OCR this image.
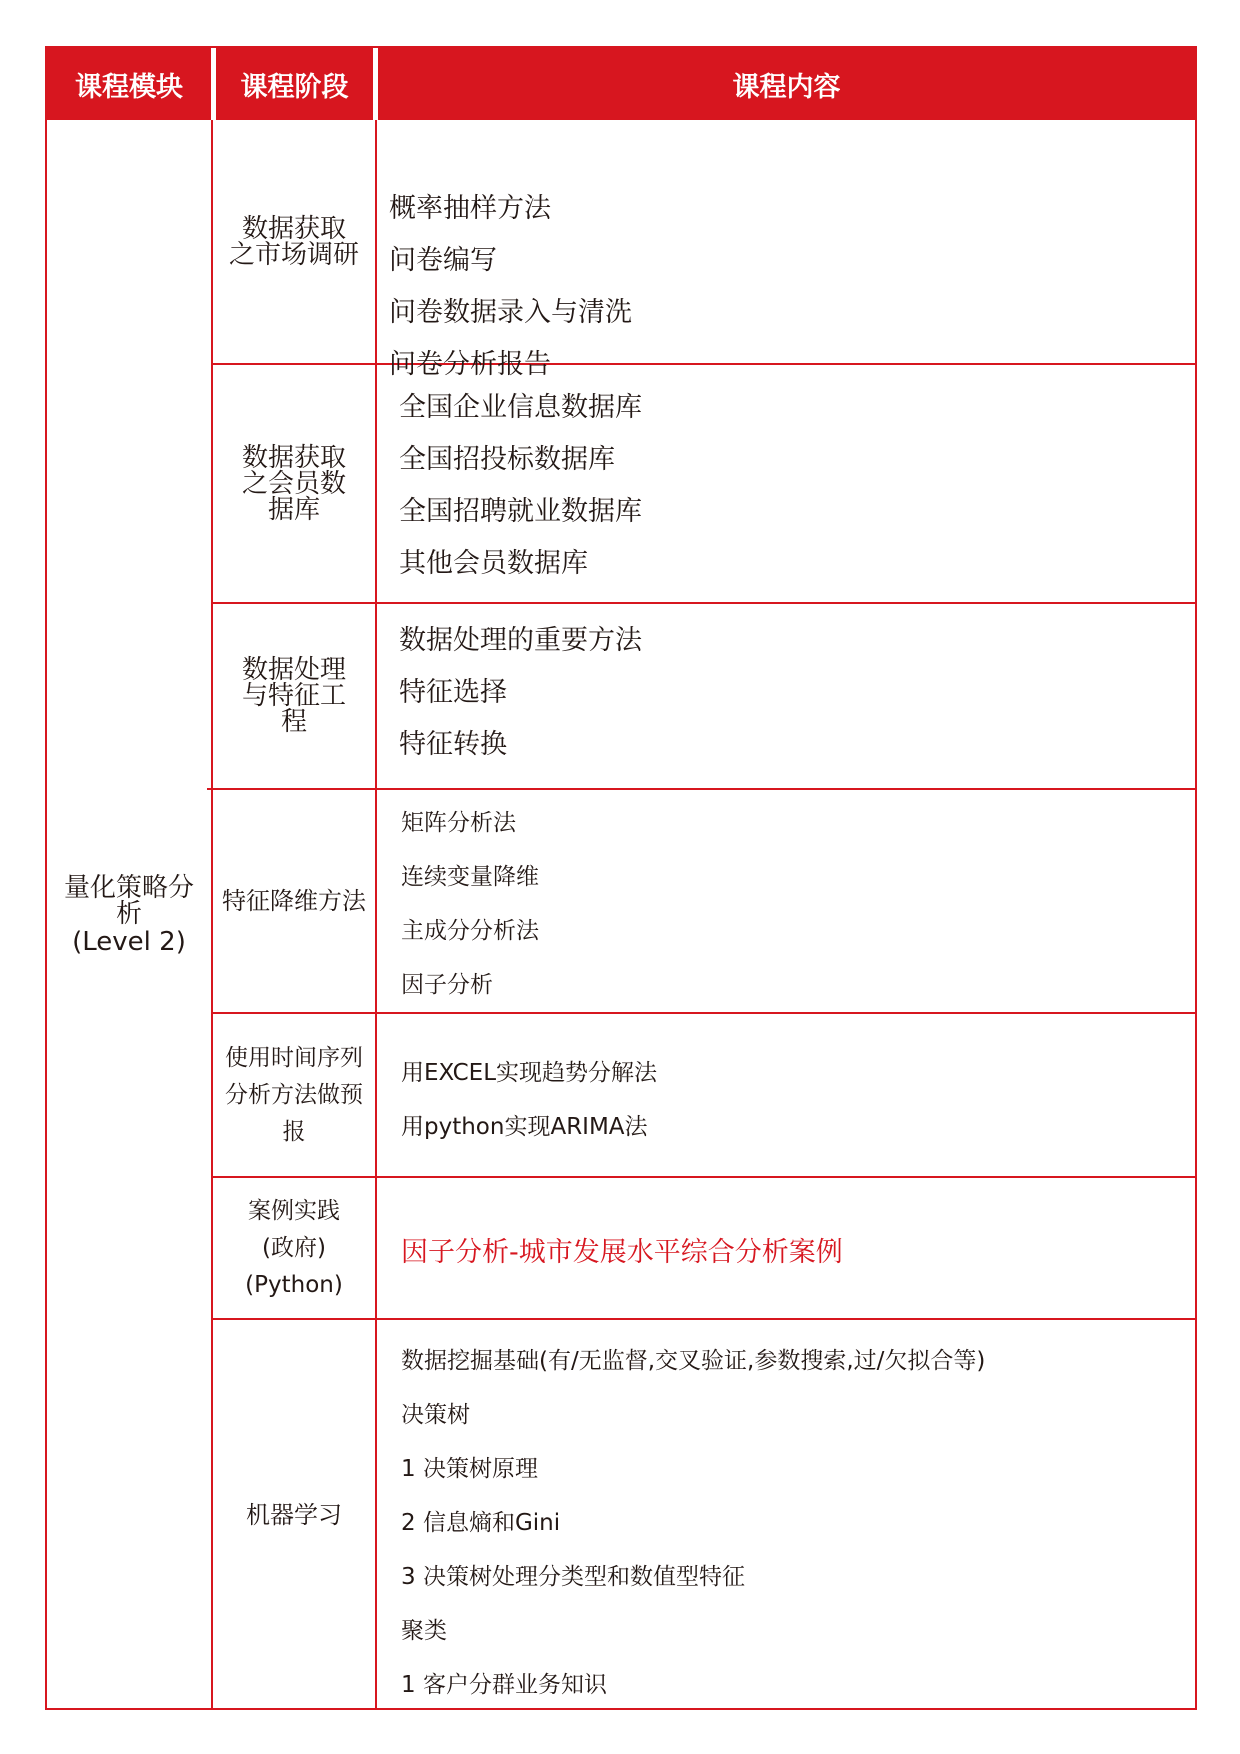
课程模块	课程阶段	课程内容
量化策略分
析
(Level 2)
数据获取
之市场调研
概率抽样方法
问卷编写
问卷数据录入与清洗
问卷分析报告
数据获取
之会员数
据库
全国企业信息数据库
全国招投标数据库
全国招聘就业数据库
其他会员数据库
数据处理
与特征工
程
数据处理的重要方法
特征选择
特征转换
特征降维方法
矩阵分析法
连续变量降维
主成分分析法
因子分析
使用时间序列
分析方法做预
报
用EXCEL实现趋势分解法
用python实现ARIMA法
案例实践
(政府)
(Python)
因子分析-城市发展水平综合分析案例
机器学习
数据挖掘基础(有/无监督,交叉验证,参数搜索,过/欠拟合等)
决策树
1 决策树原理
2 信息熵和Gini
3 决策树处理分类型和数值型特征
聚类
1 客户分群业务知识
